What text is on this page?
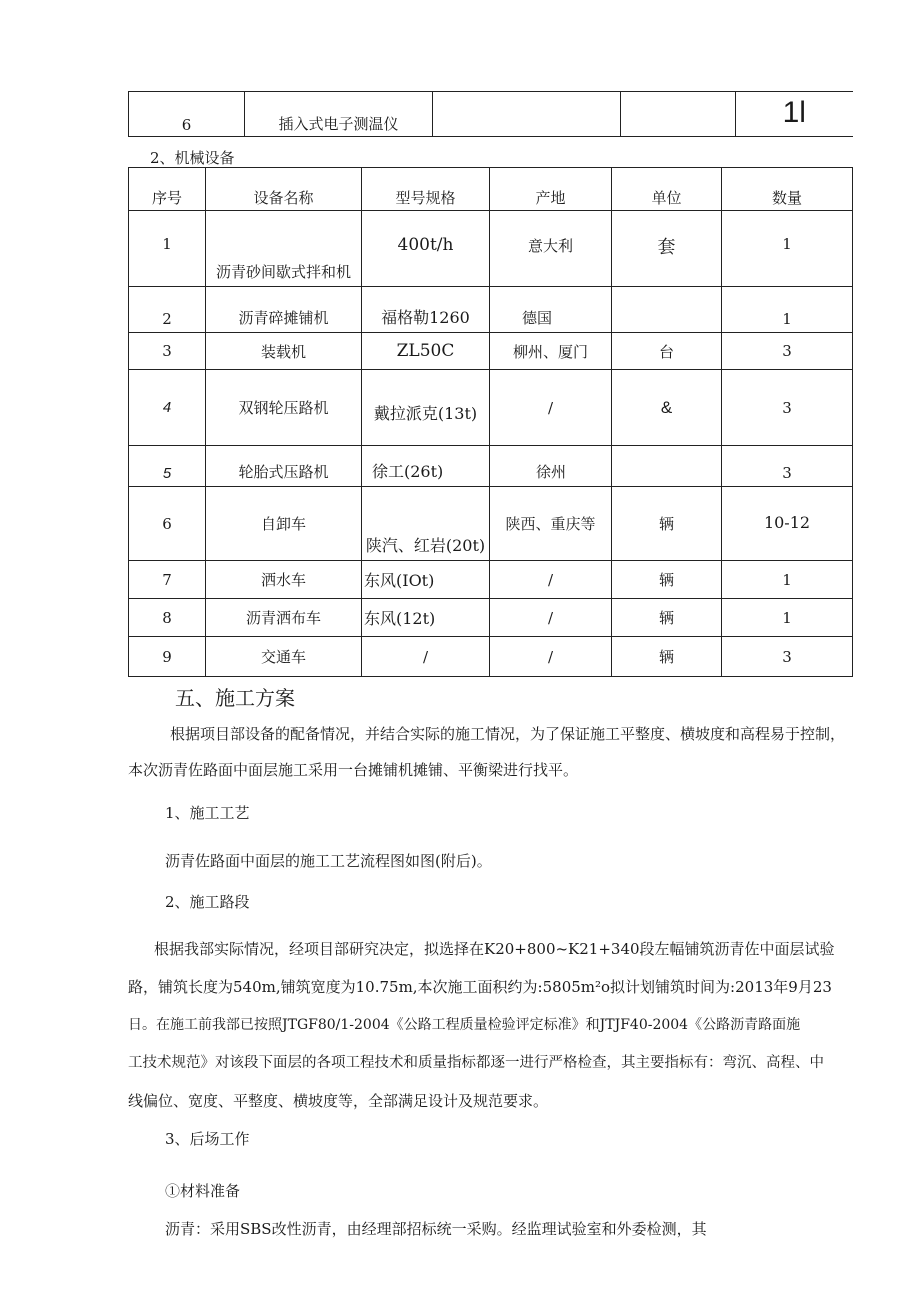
6	插入式电子测温仪			1l
2、机械设备
序号	设备名称	型号规格	产地	单位	数量
1	沥青砂间歇式拌和机	400t/h	意大利	套	1
2	沥青碎摊铺机	福格勒1260	德国		1
3	装载机	ZL50C	柳州、厦门	台	3
4	双钢轮压路机	戴拉派克(13t)	/	&	3
5	轮胎式压路机	徐工(26t)	徐州		3
6	自卸车	陕汽、红岩(20t)	陕西、重庆等	辆	10-12
7	洒水车	东风(IOt)	/	辆	1
8	沥青洒布车	东风(12t)	/	辆	1
9	交通车	/	/	辆	3
五、施工方案
根据项目部设备的配备情况，并结合实际的施工情况，为了保证施工平整度、横坡度和高程易于控制，
本次沥青佐路面中面层施工采用一台摊铺机摊铺、平衡梁进行找平。
1、施工工艺
沥青佐路面中面层的施工工艺流程图如图(附后)。
2、施工路段
根据我部实际情况，经项目部研究决定，拟选择在K20+800~K21+340段左幅铺筑沥青佐中面层试验
路，铺筑长度为540m,铺筑宽度为10.75m,本次施工面积约为:5805m²o拟计划铺筑时间为:2013年9月23
日。在施工前我部已按照JTGF80/1-2004《公路工程质量检验评定标准》和JTJF40-2004《公路沥青路面施
工技术规范》对该段下面层的各项工程技术和质量指标都逐一进行严格检查，其主要指标有：弯沉、高程、中
线偏位、宽度、平整度、横坡度等，全部满足设计及规范要求。
3、后场工作
①材料准备
沥青：采用SBS改性沥青，由经理部招标统一采购。经监理试验室和外委检测，其
